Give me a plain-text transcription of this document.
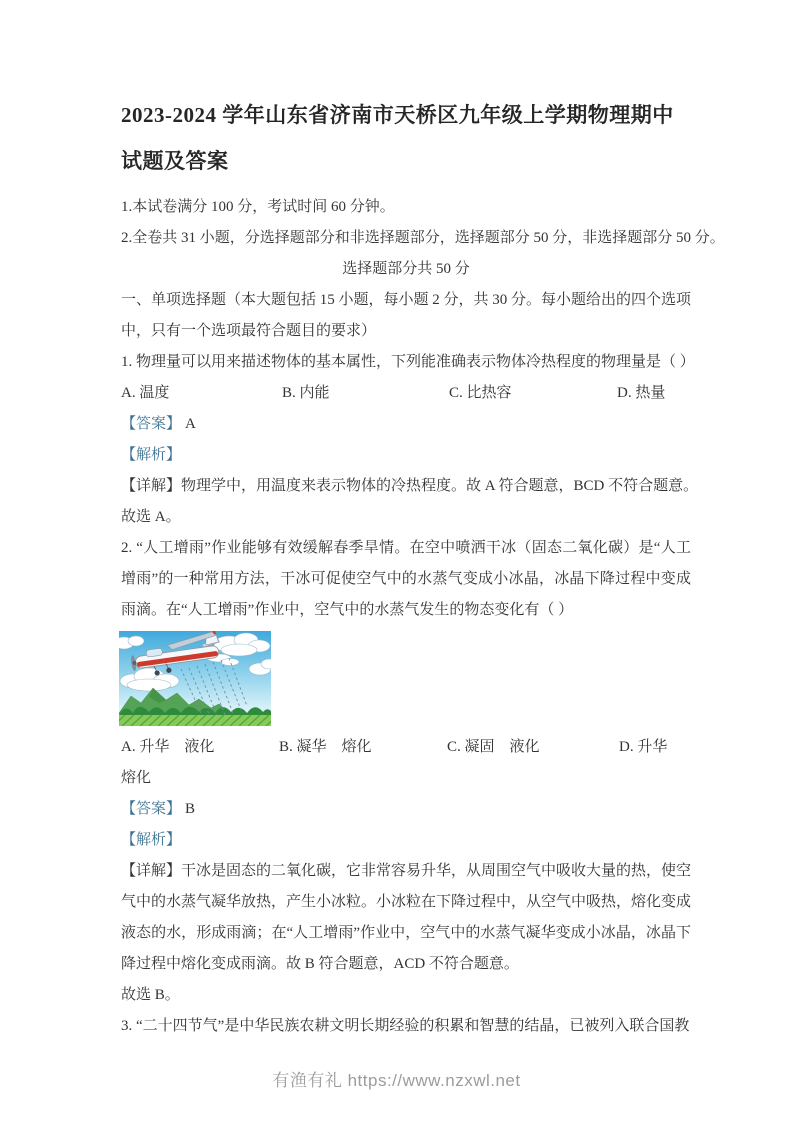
2023-2024 学年山东省济南市天桥区九年级上学期物理期中
试题及答案

1.本试卷满分 100 分，考试时间 60 分钟。

2.全卷共 31 小题，分选择题部分和非选择题部分，选择题部分 50 分，非选择题部分 50 分。

选择题部分共 50 分

一、单项选择题（本大题包括 15 小题，每小题 2 分，共 30 分。每小题给出的四个选项中，只有一个选项最符合题目的要求）

1. 物理量可以用来描述物体的基本属性，下列能准确表示物体冷热程度的物理量是（ ）

A. 温度	B. 内能	C. 比热容	D. 热量

【答案】 A

【解析】

【详解】物理学中，用温度来表示物体的冷热程度。故 A 符合题意，BCD 不符合题意。

故选 A。

2. “人工增雨”作业能够有效缓解春季旱情。在空中喷洒干冰（固态二氧化碳）是“人工增雨”的一种常用方法，干冰可促使空气中的水蒸气变成小冰晶，冰晶下降过程中变成雨滴。在“人工增雨”作业中，空气中的水蒸气发生的物态变化有（ ）

A. 升华　液化	B. 凝华　熔化	C. 凝固　液化	D. 升华

熔化

【答案】 B

【解析】

【详解】干冰是固态的二氧化碳，它非常容易升华，从周围空气中吸收大量的热，使空气中的水蒸气凝华放热，产生小冰粒。小冰粒在下降过程中，从空气中吸热，熔化变成液态的水，形成雨滴；在“人工增雨”作业中，空气中的水蒸气凝华变成小冰晶，冰晶下降过程中熔化变成雨滴。故 B 符合题意，ACD 不符合题意。

故选 B。

3. “二十四节气”是中华民族农耕文明长期经验的积累和智慧的结晶，已被列入联合国教

有渔有礼 https://www.nzxwl.net
